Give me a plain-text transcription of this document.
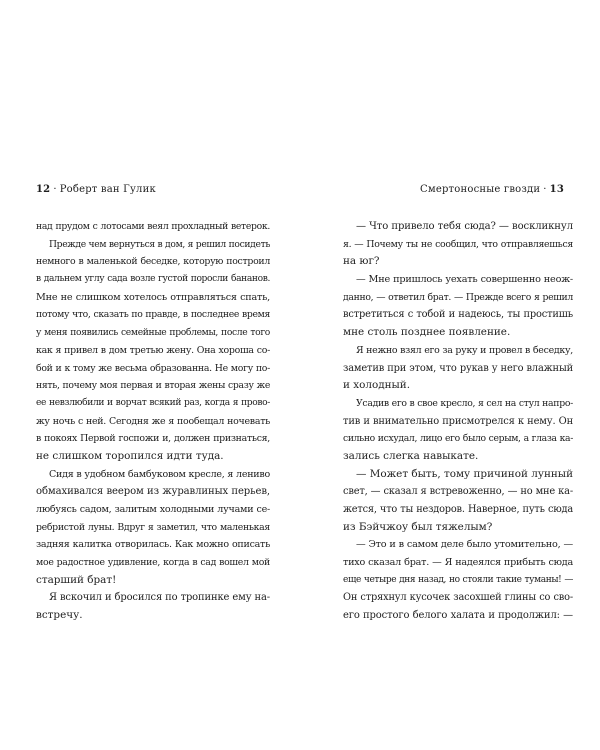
12 · Роберт ван Гулик
над прудом с лотосами веял прохладный ветерок.
Прежде чем вернуться в дом, я решил посидеть
немного в маленькой беседке, которую построил
в дальнем углу сада возле густой поросли бананов.
Мне не слишком хотелось отправляться спать,
потому что, сказать по правде, в последнее время
у меня появились семейные проблемы, после того
как я привел в дом третью жену. Она хороша со-
бой и к тому же весьма образованна. Не могу по-
нять, почему моя первая и вторая жены сразу же
ее невзлюбили и ворчат всякий раз, когда я прово-
жу ночь с ней. Сегодня же я пообещал ночевать
в покоях Первой госпожи и, должен признаться,
не слишком торопился идти туда.
Сидя в удобном бамбуковом кресле, я лениво
обмахивался веером из журавлиных перьев,
любуясь садом, залитым холодными лучами се-
ребристой луны. Вдруг я заметил, что маленькая
задняя калитка отворилась. Как можно описать
мое радостное удивление, когда в сад вошел мой
старший брат!
Я вскочил и бросился по тропинке ему на-
встречу.
Смертоносные гвозди · 13
— Что привело тебя сюда? — воскликнул
я. — Почему ты не сообщил, что отправляешься
на юг?
— Мне пришлось уехать совершенно неож-
данно, — ответил брат. — Прежде всего я решил
встретиться с тобой и надеюсь, ты простишь
мне столь позднее появление.
Я нежно взял его за руку и провел в беседку,
заметив при этом, что рукав у него влажный
и холодный.
Усадив его в свое кресло, я сел на стул напро-
тив и внимательно присмотрелся к нему. Он
сильно исхудал, лицо его было серым, а глаза ка-
зались слегка навыкате.
— Может быть, тому причиной лунный
свет, — сказал я встревоженно, — но мне ка-
жется, что ты нездоров. Наверное, путь сюда
из Бэйчжоу был тяжелым?
— Это и в самом деле было утомительно, —
тихо сказал брат. — Я надеялся прибыть сюда
еще четыре дня назад, но стояли такие туманы! —
Он стряхнул кусочек засохшей глины со сво-
его простого белого халата и продолжил: —
